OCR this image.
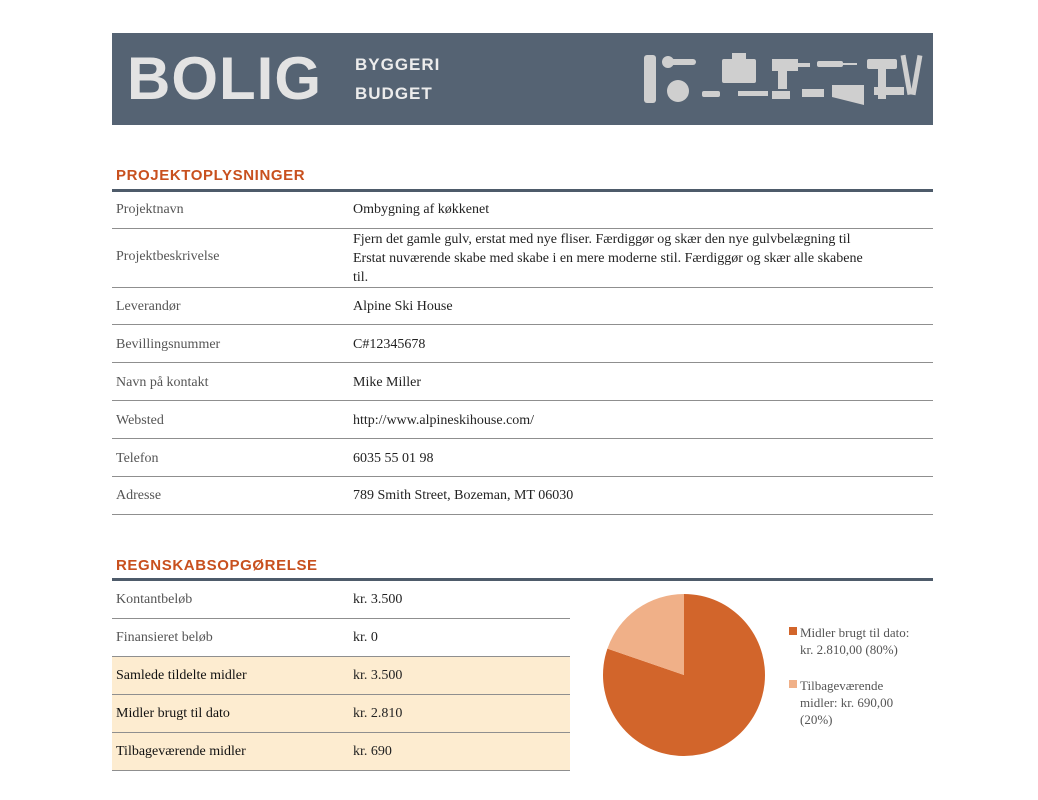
BOLIG BYGGERI
BUDGET
PROJEKTOPLYSNINGER
Projektnavn	Ombygning af køkkenet
Projektbeskrivelse
Fjern det gamle gulv, erstat med nye fliser. Færdiggør og skær den nye gulvbelægning til
Erstat nuværende skabe med skabe i en mere moderne stil. Færdiggør og skær alle skabene
til.
Leverandør	Alpine Ski House
Bevillingsnummer	C#12345678
Navn på kontakt	Mike Miller
Websted	http://www.alpineskihouse.com/
Telefon	6035 55 01 98
Adresse	789 Smith Street, Bozeman, MT 06030
REGNSKABSOPGØRELSE
Kontantbeløb	kr. 3.500
Finansieret beløb	kr. 0
Samlede tildelte midler	kr. 3.500
Midler brugt til dato	kr. 2.810
Tilbageværende midler	kr. 690
Midler brugt til dato:
kr. 2.810,00 (80%)
Tilbageværende
midler: kr. 690,00
(20%)
